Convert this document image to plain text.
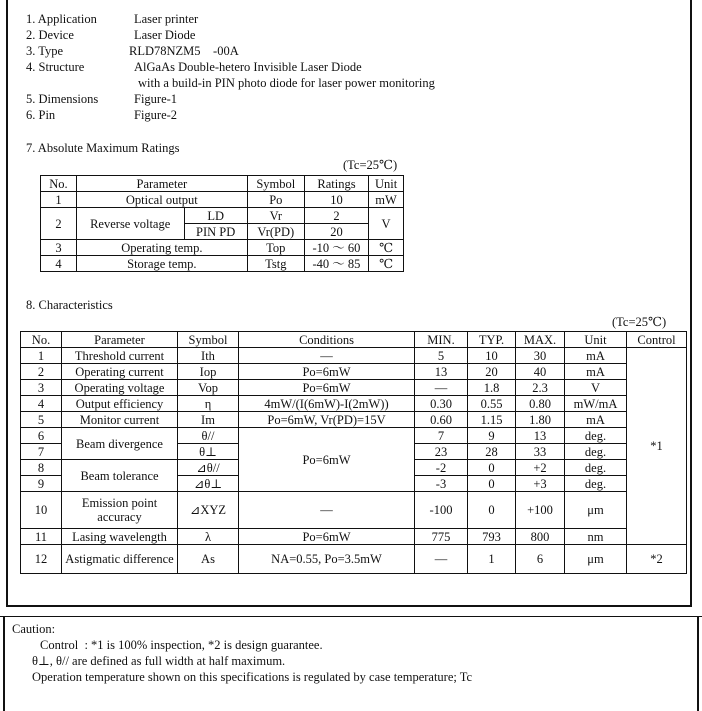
1. Application	Laser printer
2. Device	Laser Diode
3. Type	RLD78NZM5    -00A
4. Structure	AlGaAs Double-hetero Invisible Laser Diode
with a build-in PIN photo diode for laser power monitoring
5. Dimensions	Figure-1
6. Pin	Figure-2
7. Absolute Maximum Ratings
(Tc=25℃)
No.	Parameter		Symbol	Ratings	Unit
1	Optical output		Po	10	mW
2	Reverse voltage	LD	Vr	2	V
		PIN PD	Vr(PD)	20	
3	Operating temp.		Top	-10 ～ 60	℃
4	Storage temp.		Tstg	-40 ～ 85	℃
8. Characteristics
(Tc=25℃)
No.	Parameter	Symbol	Conditions	MIN.	TYP.	MAX.	Unit	Control
1	Threshold current	Ith	—	5	10	30	mA	*1
2	Operating current	Iop	Po=6mW	13	20	40	mA	
3	Operating voltage	Vop	Po=6mW	—	1.8	2.3	V	
4	Output efficiency	η	4mW/(I(6mW)-I(2mW))	0.30	0.55	0.80	mW/mA	
5	Monitor current	Im	Po=6mW, Vr(PD)=15V	0.60	1.15	1.80	mA	
6	Beam divergence	θ//	Po=6mW	7	9	13	deg.	
7		θ⊥		23	28	33	deg.	
8	Beam tolerance	⊿θ//		-2	0	+2	deg.	
9		⊿θ⊥		-3	0	+3	deg.	
10	Emission point accuracy	⊿XYZ	—	-100	0	+100	μm	
11	Lasing wavelength	λ	Po=6mW	775	793	800	nm	
12	Astigmatic difference	As	NA=0.55, Po=3.5mW	—	1	6	μm	*2
Caution:
Control  : *1 is 100% inspection, *2 is design guarantee.
θ⊥, θ// are defined as full width at half maximum.
Operation temperature shown on this specifications is regulated by case temperature; Tc
